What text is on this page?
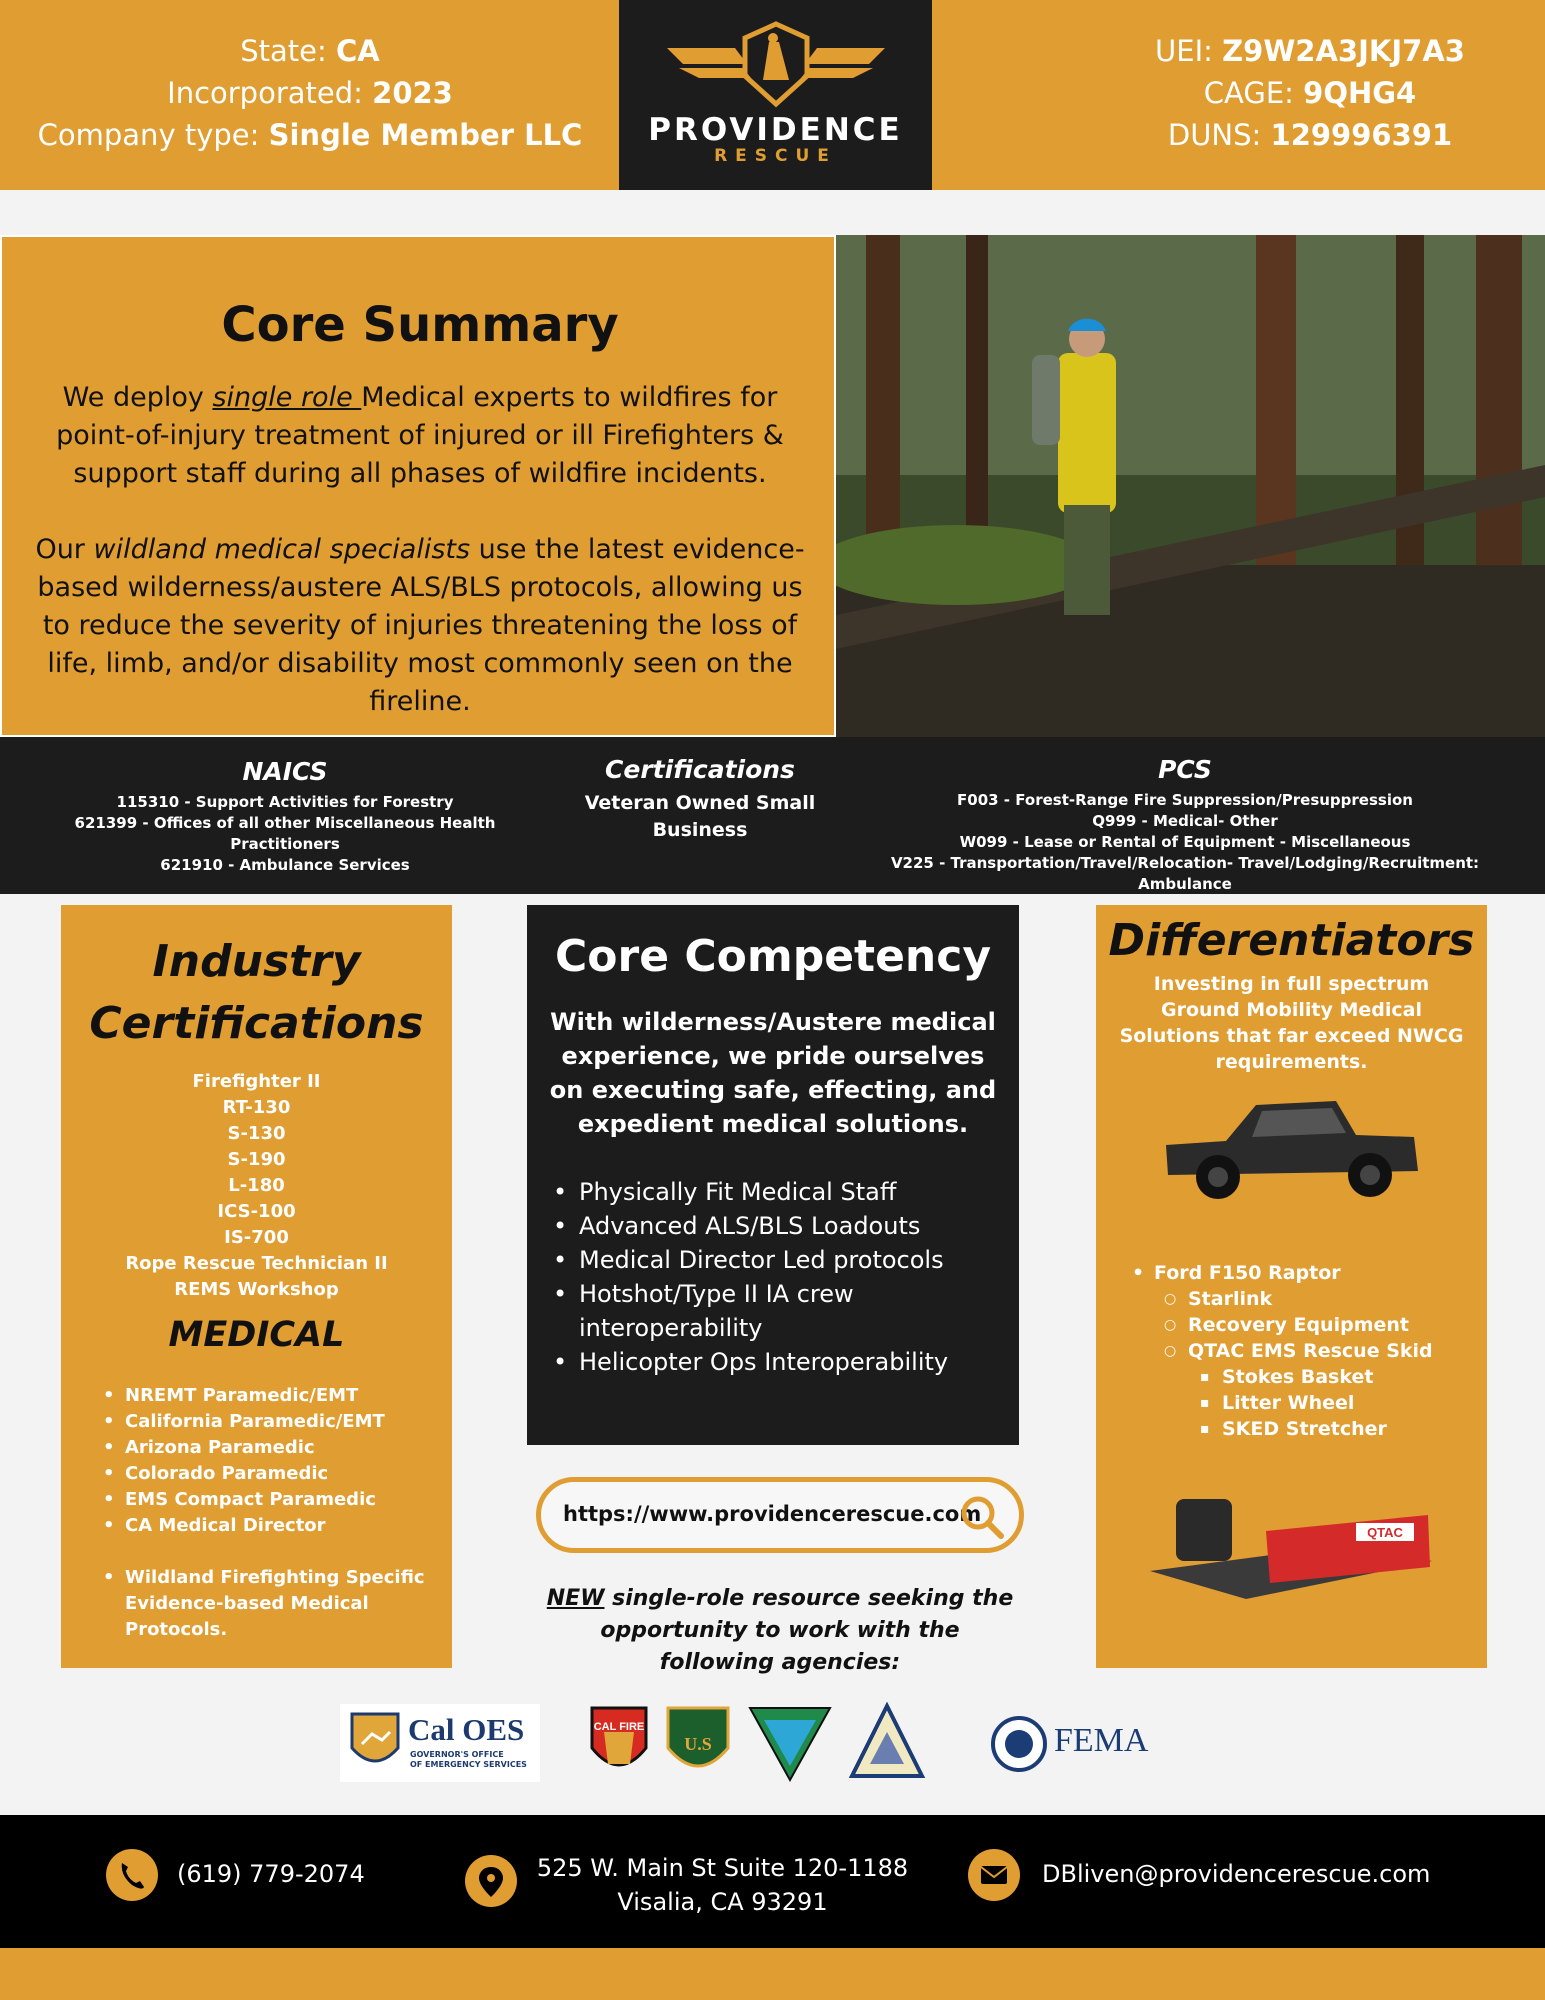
State: CA
Incorporated: 2023
Company type: Single Member LLC	PROVIDENCE
RESCUE
UEI: Z9W2A3JKJ7A3
CAGE: 9QHG4
DUNS: 129996391
Core Summary

We deploy single role Medical experts to wildfires for point-of-injury treatment of injured or ill Firefighters & support staff during all phases of wildfire incidents.

Our wildland medical specialists use the latest evidence-based wilderness/austere ALS/BLS protocols, allowing us to reduce the severity of injuries threatening the loss of life, limb, and/or disability most commonly seen on the fireline.

NAICS
115310 - Support Activities for Forestry
621399 - Offices of all other Miscellaneous Health Practitioners
621910 - Ambulance Services
Certifications
Veteran Owned Small
Business
PCS
F003 - Forest-Range Fire Suppression/Presuppression
Q999 - Medical- Other
W099 - Lease or Rental of Equipment - Miscellaneous
V225 - Transportation/Travel/Relocation- Travel/Lodging/Recruitment: Ambulance
Industry
Certifications
Firefighter II
RT-130
S-130
S-190
L-180
ICS-100
IS-700
Rope Rescue Technician II
REMS Workshop
MEDICAL
• NREMT Paramedic/EMT
• California Paramedic/EMT
• Arizona Paramedic
• Colorado Paramedic
• EMS Compact Paramedic
• CA Medical Director
• Wildland Firefighting Specific Evidence-based Medical Protocols.
Core Competency
With wilderness/Austere medical experience, we pride ourselves on executing safe, effecting, and expedient medical solutions.
• Physically Fit Medical Staff
• Advanced ALS/BLS Loadouts
• Medical Director Led protocols
• Hotshot/Type II IA crew interoperability
• Helicopter Ops Interoperability
https://www.providencerescue.com
NEW single-role resource seeking the opportunity to work with the following agencies:
Differentiators
Investing in full spectrum Ground Mobility Medical Solutions that far exceed NWCG requirements.
• Ford F150 Raptor
○ Starlink
○ Recovery Equipment
○ QTAC EMS Rescue Skid
▪ Stokes Basket
▪ Litter Wheel
▪ SKED Stretcher
QTAC
Cal OES
GOVERNOR'S OFFICE
OF EMERGENCY SERVICES
CAL FIRE
U.S	FEMA
(619) 779-2074	525 W. Main St Suite 120-1188
Visalia, CA 93291
DBliven@providencerescue.com
